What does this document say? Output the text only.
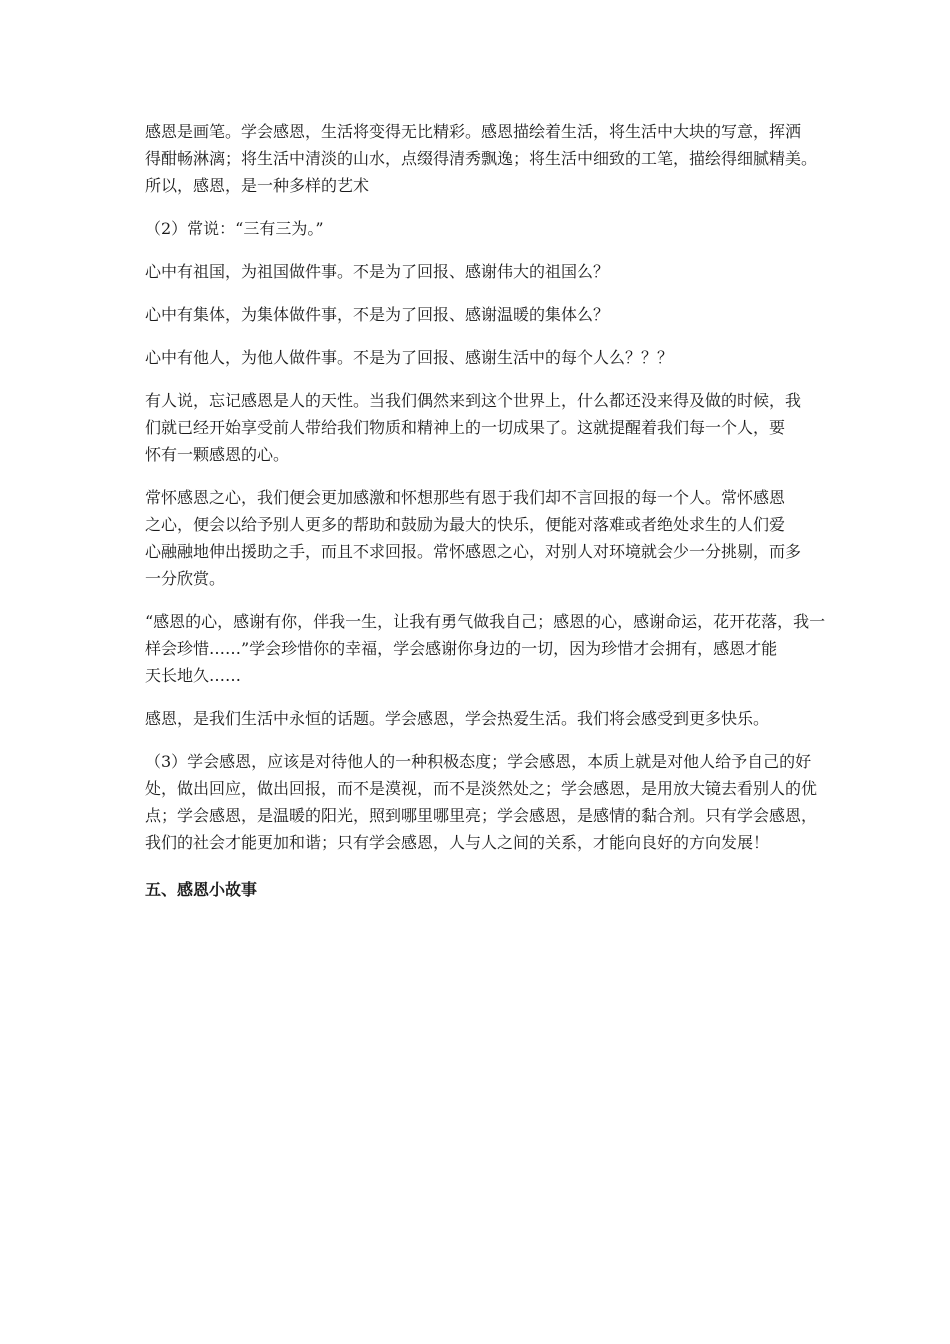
感恩是画笔。学会感恩，生活将变得无比精彩。感恩描绘着生活，将生活中大块的写意，挥洒
得酣畅淋漓；将生活中清淡的山水，点缀得清秀飘逸；将生活中细致的工笔，描绘得细腻精美。
所以，感恩，是一种多样的艺术

（2）常说：“三有三为。”

心中有祖国，为祖国做件事。不是为了回报、感谢伟大的祖国么？

心中有集体，为集体做件事，不是为了回报、感谢温暖的集体么？

心中有他人，为他人做件事。不是为了回报、感谢生活中的每个人么？？？

有人说，忘记感恩是人的天性。当我们偶然来到这个世界上，什么都还没来得及做的时候，我
们就已经开始享受前人带给我们物质和精神上的一切成果了。这就提醒着我们每一个人，要
怀有一颗感恩的心。

常怀感恩之心，我们便会更加感激和怀想那些有恩于我们却不言回报的每一个人。常怀感恩
之心，便会以给予别人更多的帮助和鼓励为最大的快乐，便能对落难或者绝处求生的人们爱
心融融地伸出援助之手，而且不求回报。常怀感恩之心，对别人对环境就会少一分挑剔，而多
一分欣赏。

“感恩的心，感谢有你，伴我一生，让我有勇气做我自己；感恩的心，感谢命运，花开花落，我一
样会珍惜……”学会珍惜你的幸福，学会感谢你身边的一切，因为珍惜才会拥有，感恩才能
天长地久……

感恩，是我们生活中永恒的话题。学会感恩，学会热爱生活。我们将会感受到更多快乐。

（3）学会感恩，应该是对待他人的一种积极态度；学会感恩，本质上就是对他人给予自己的好
处，做出回应，做出回报，而不是漠视，而不是淡然处之；学会感恩，是用放大镜去看别人的优
点；学会感恩，是温暖的阳光，照到哪里哪里亮；学会感恩，是感情的黏合剂。只有学会感恩，
我们的社会才能更加和谐；只有学会感恩，人与人之间的关系，才能向良好的方向发展！

五、感恩小故事
